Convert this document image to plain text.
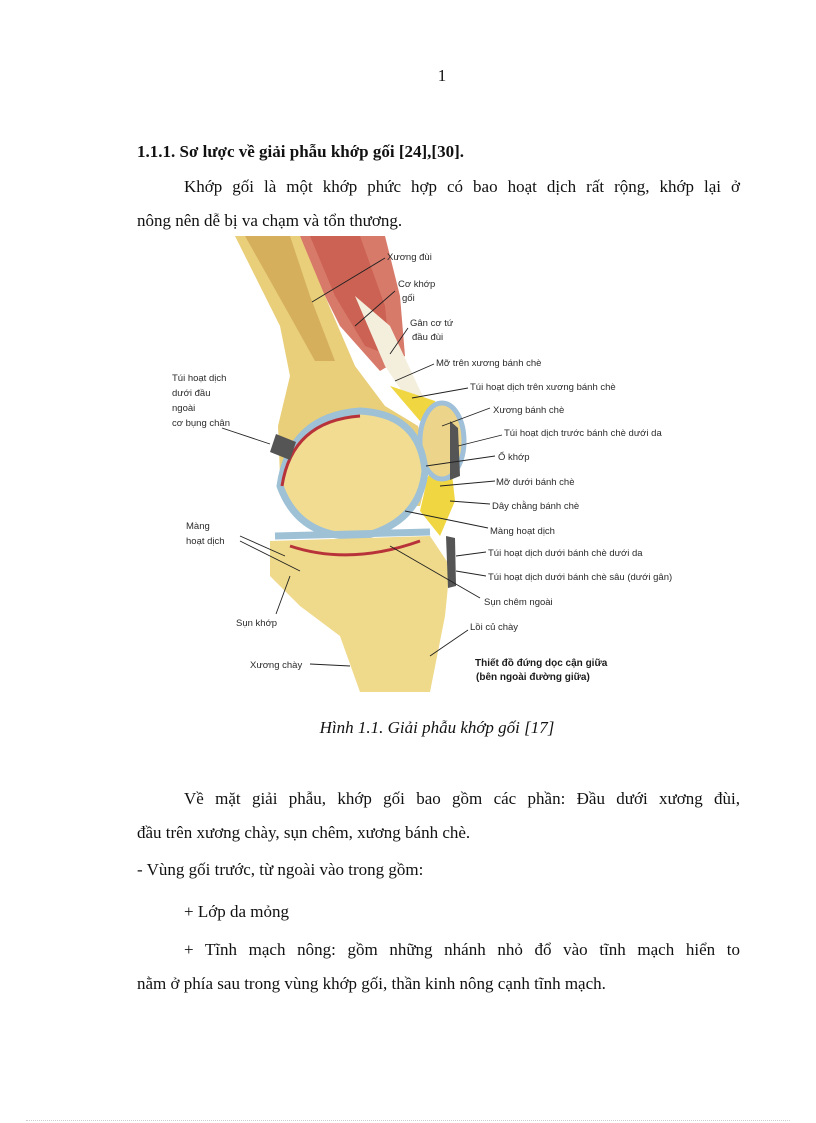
1
1.1.1. Sơ lược về giải phẫu khớp gối [24],[30].
Khớp gối là một khớp phức hợp có bao hoạt dịch rất rộng, khớp lại ở
nông nên dễ bị va chạm và tổn thương.
Xương đùi
Cơ khớp
gối
Gân cơ tứ
đầu đùi
Mỡ trên xương bánh chè
Túi hoạt dịch trên xương bánh chè
Xương bánh chè
Túi hoạt dịch trước bánh chè dưới da
Ổ khớp
Mỡ dưới bánh chè
Dây chằng bánh chè
Màng hoạt dịch
Túi hoạt dịch dưới bánh chè dưới da
Túi hoạt dịch dưới bánh chè sâu (dưới gân)
Sụn chêm ngoài
Lồi củ chày
Thiết đồ đứng dọc cận giữa
(bên ngoài đường giữa)
Túi hoạt dịch
dưới đầu
ngoài
cơ bụng chân
Màng
hoạt dịch
Sụn khớp
Xương chày
Hình 1.1. Giải phẫu khớp gối [17]
Về mặt giải phẫu, khớp gối bao gồm các phần: Đầu dưới xương đùi,
đầu trên xương chày, sụn chêm, xương bánh chè.
- Vùng gối trước, từ ngoài vào trong gồm:
+ Lớp da mỏng
+ Tĩnh mạch nông: gồm những nhánh nhỏ đổ vào tĩnh mạch hiển to
nằm ở phía sau trong vùng khớp gối, thần kinh nông cạnh tĩnh mạch.
